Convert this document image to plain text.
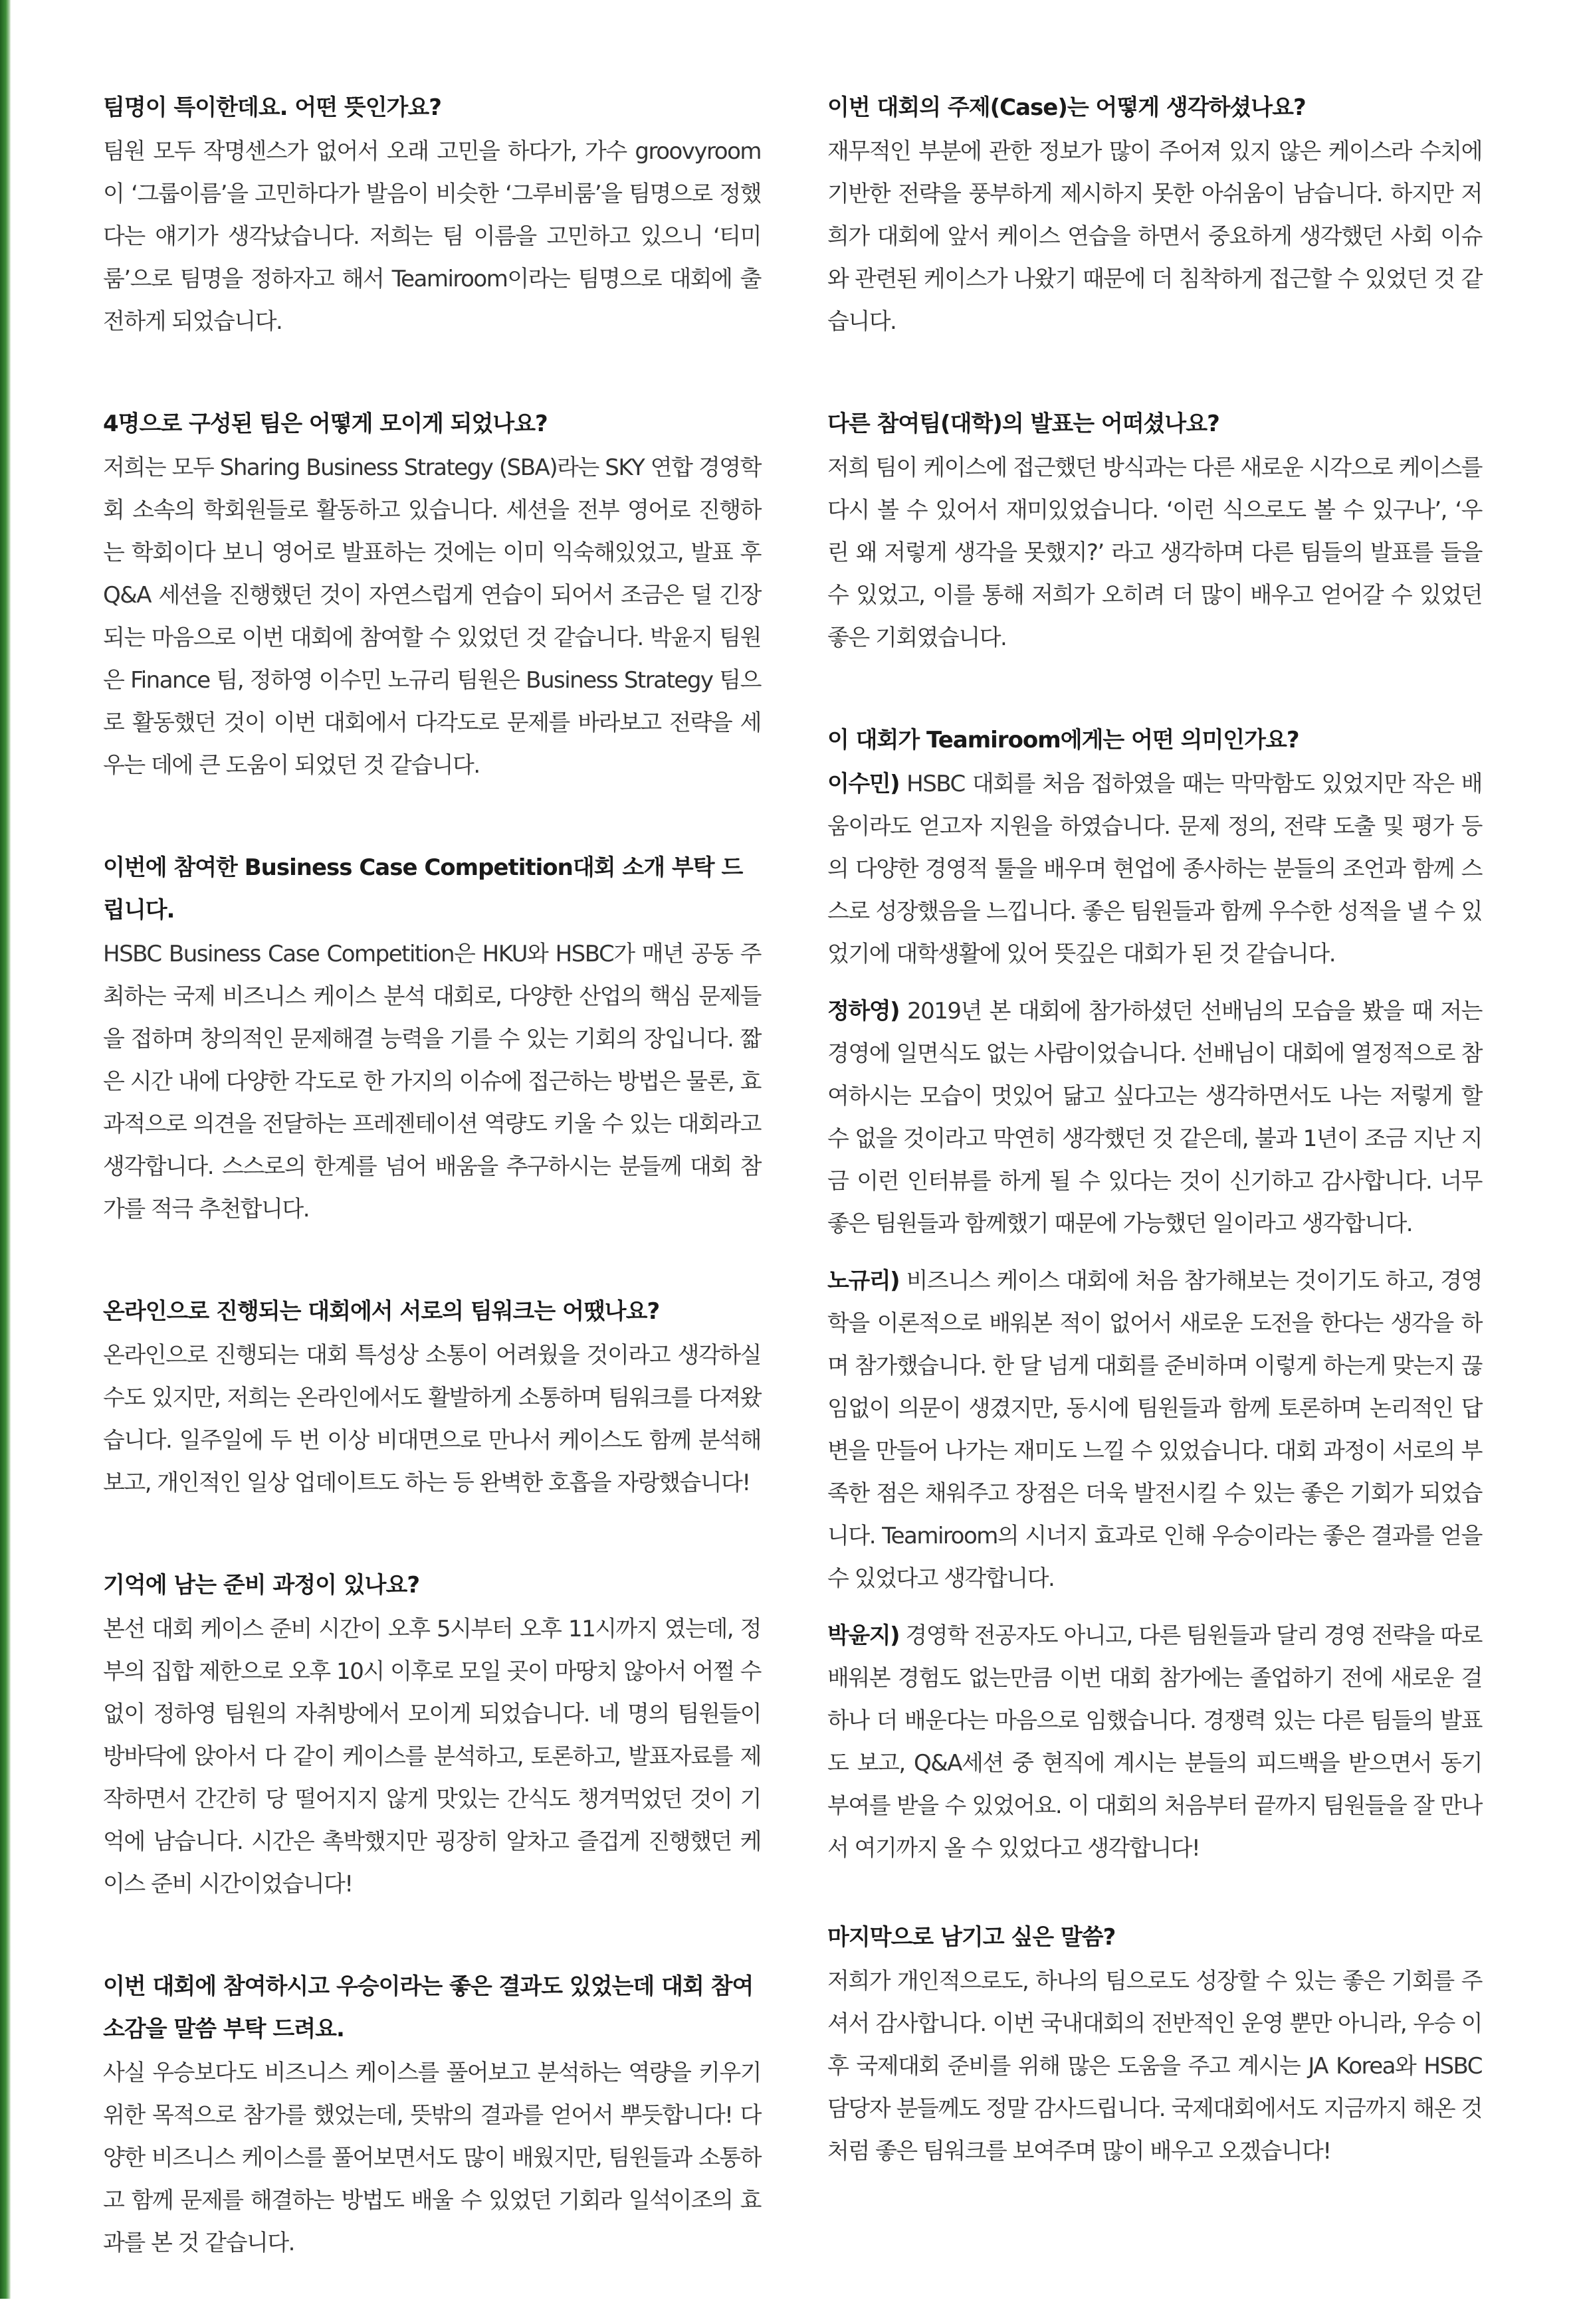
팀명이 특이한데요. 어떤 뜻인가요?

팀원 모두 작명센스가 없어서 오래 고민을 하다가, 가수 groovyroom이 ‘그룹이름’을 고민하다가 발음이 비슷한 ‘그루비룸’을 팀명으로 정했다는 얘기가 생각났습니다. 저희는 팀 이름을 고민하고 있으니 ‘티미룸’으로 팀명을 정하자고 해서 Teamiroom이라는 팀명으로 대회에 출전하게 되었습니다.

4명으로 구성된 팀은 어떻게 모이게 되었나요?

저희는 모두 Sharing Business Strategy (SBA)라는 SKY 연합 경영학회 소속의 학회원들로 활동하고 있습니다. 세션을 전부 영어로 진행하는 학회이다 보니 영어로 발표하는 것에는 이미 익숙해있었고, 발표 후 Q&A 세션을 진행했던 것이 자연스럽게 연습이 되어서 조금은 덜 긴장되는 마음으로 이번 대회에 참여할 수 있었던 것 같습니다. 박윤지 팀원은 Finance 팀, 정하영 이수민 노규리 팀원은 Business Strategy 팀으로 활동했던 것이 이번 대회에서 다각도로 문제를 바라보고 전략을 세우는 데에 큰 도움이 되었던 것 같습니다.

이번에 참여한 Business Case Competition대회 소개 부탁 드립니다.

HSBC Business Case Competition은 HKU와 HSBC가 매년 공동 주최하는 국제 비즈니스 케이스 분석 대회로, 다양한 산업의 핵심 문제들을 접하며 창의적인 문제해결 능력을 기를 수 있는 기회의 장입니다. 짧은 시간 내에 다양한 각도로 한 가지의 이슈에 접근하는 방법은 물론, 효과적으로 의견을 전달하는 프레젠테이션 역량도 키울 수 있는 대회라고 생각합니다. 스스로의 한계를 넘어 배움을 추구하시는 분들께 대회 참가를 적극 추천합니다.

온라인으로 진행되는 대회에서 서로의 팀워크는 어땠나요?

온라인으로 진행되는 대회 특성상 소통이 어려웠을 것이라고 생각하실 수도 있지만, 저희는 온라인에서도 활발하게 소통하며 팀워크를 다져왔습니다. 일주일에 두 번 이상 비대면으로 만나서 케이스도 함께 분석해보고, 개인적인 일상 업데이트도 하는 등 완벽한 호흡을 자랑했습니다!

기억에 남는 준비 과정이 있나요?

본선 대회 케이스 준비 시간이 오후 5시부터 오후 11시까지 였는데, 정부의 집합 제한으로 오후 10시 이후로 모일 곳이 마땅치 않아서 어쩔 수 없이 정하영 팀원의 자취방에서 모이게 되었습니다. 네 명의 팀원들이 방바닥에 앉아서 다 같이 케이스를 분석하고, 토론하고, 발표자료를 제작하면서 간간히 당 떨어지지 않게 맛있는 간식도 챙겨먹었던 것이 기억에 남습니다. 시간은 촉박했지만 굉장히 알차고 즐겁게 진행했던 케이스 준비 시간이었습니다!

이번 대회에 참여하시고 우승이라는 좋은 결과도 있었는데 대회 참여 소감을 말씀 부탁 드려요.

사실 우승보다도 비즈니스 케이스를 풀어보고 분석하는 역량을 키우기 위한 목적으로 참가를 했었는데, 뜻밖의 결과를 얻어서 뿌듯합니다! 다양한 비즈니스 케이스를 풀어보면서도 많이 배웠지만, 팀원들과 소통하고 함께 문제를 해결하는 방법도 배울 수 있었던 기회라 일석이조의 효과를 본 것 같습니다.

이번 대회의 주제(Case)는 어떻게 생각하셨나요?

재무적인 부분에 관한 정보가 많이 주어져 있지 않은 케이스라 수치에 기반한 전략을 풍부하게 제시하지 못한 아쉬움이 남습니다. 하지만 저희가 대회에 앞서 케이스 연습을 하면서 중요하게 생각했던 사회 이슈와 관련된 케이스가 나왔기 때문에 더 침착하게 접근할 수 있었던 것 같습니다.

다른 참여팀(대학)의 발표는 어떠셨나요?

저희 팀이 케이스에 접근했던 방식과는 다른 새로운 시각으로 케이스를 다시 볼 수 있어서 재미있었습니다. ‘이런 식으로도 볼 수 있구나’, ‘우린 왜 저렇게 생각을 못했지?’ 라고 생각하며 다른 팀들의 발표를 들을 수 있었고, 이를 통해 저희가 오히려 더 많이 배우고 얻어갈 수 있었던 좋은 기회였습니다.

이 대회가 Teamiroom에게는 어떤 의미인가요?

이수민) HSBC 대회를 처음 접하였을 때는 막막함도 있었지만 작은 배움이라도 얻고자 지원을 하였습니다. 문제 정의, 전략 도출 및 평가 등의 다양한 경영적 툴을 배우며 현업에 종사하는 분들의 조언과 함께 스스로 성장했음을 느낍니다. 좋은 팀원들과 함께 우수한 성적을 낼 수 있었기에 대학생활에 있어 뜻깊은 대회가 된 것 같습니다.

정하영) 2019년 본 대회에 참가하셨던 선배님의 모습을 봤을 때 저는 경영에 일면식도 없는 사람이었습니다. 선배님이 대회에 열정적으로 참여하시는 모습이 멋있어 닮고 싶다고는 생각하면서도 나는 저렇게 할 수 없을 것이라고 막연히 생각했던 것 같은데, 불과 1년이 조금 지난 지금 이런 인터뷰를 하게 될 수 있다는 것이 신기하고 감사합니다. 너무 좋은 팀원들과 함께했기 때문에 가능했던 일이라고 생각합니다.

노규리) 비즈니스 케이스 대회에 처음 참가해보는 것이기도 하고, 경영학을 이론적으로 배워본 적이 없어서 새로운 도전을 한다는 생각을 하며 참가했습니다. 한 달 넘게 대회를 준비하며 이렇게 하는게 맞는지 끊임없이 의문이 생겼지만, 동시에 팀원들과 함께 토론하며 논리적인 답변을 만들어 나가는 재미도 느낄 수 있었습니다. 대회 과정이 서로의 부족한 점은 채워주고 장점은 더욱 발전시킬 수 있는 좋은 기회가 되었습니다. Teamiroom의 시너지 효과로 인해 우승이라는 좋은 결과를 얻을 수 있었다고 생각합니다.

박윤지) 경영학 전공자도 아니고, 다른 팀원들과 달리 경영 전략을 따로 배워본 경험도 없는만큼 이번 대회 참가에는 졸업하기 전에 새로운 걸 하나 더 배운다는 마음으로 임했습니다. 경쟁력 있는 다른 팀들의 발표도 보고, Q&A세션 중 현직에 계시는 분들의 피드백을 받으면서 동기 부여를 받을 수 있었어요. 이 대회의 처음부터 끝까지 팀원들을 잘 만나서 여기까지 올 수 있었다고 생각합니다!

마지막으로 남기고 싶은 말씀?

저희가 개인적으로도, 하나의 팀으로도 성장할 수 있는 좋은 기회를 주셔서 감사합니다. 이번 국내대회의 전반적인 운영 뿐만 아니라, 우승 이후 국제대회 준비를 위해 많은 도움을 주고 계시는 JA Korea와 HSBC 담당자 분들께도 정말 감사드립니다. 국제대회에서도 지금까지 해온 것처럼 좋은 팀워크를 보여주며 많이 배우고 오겠습니다!
